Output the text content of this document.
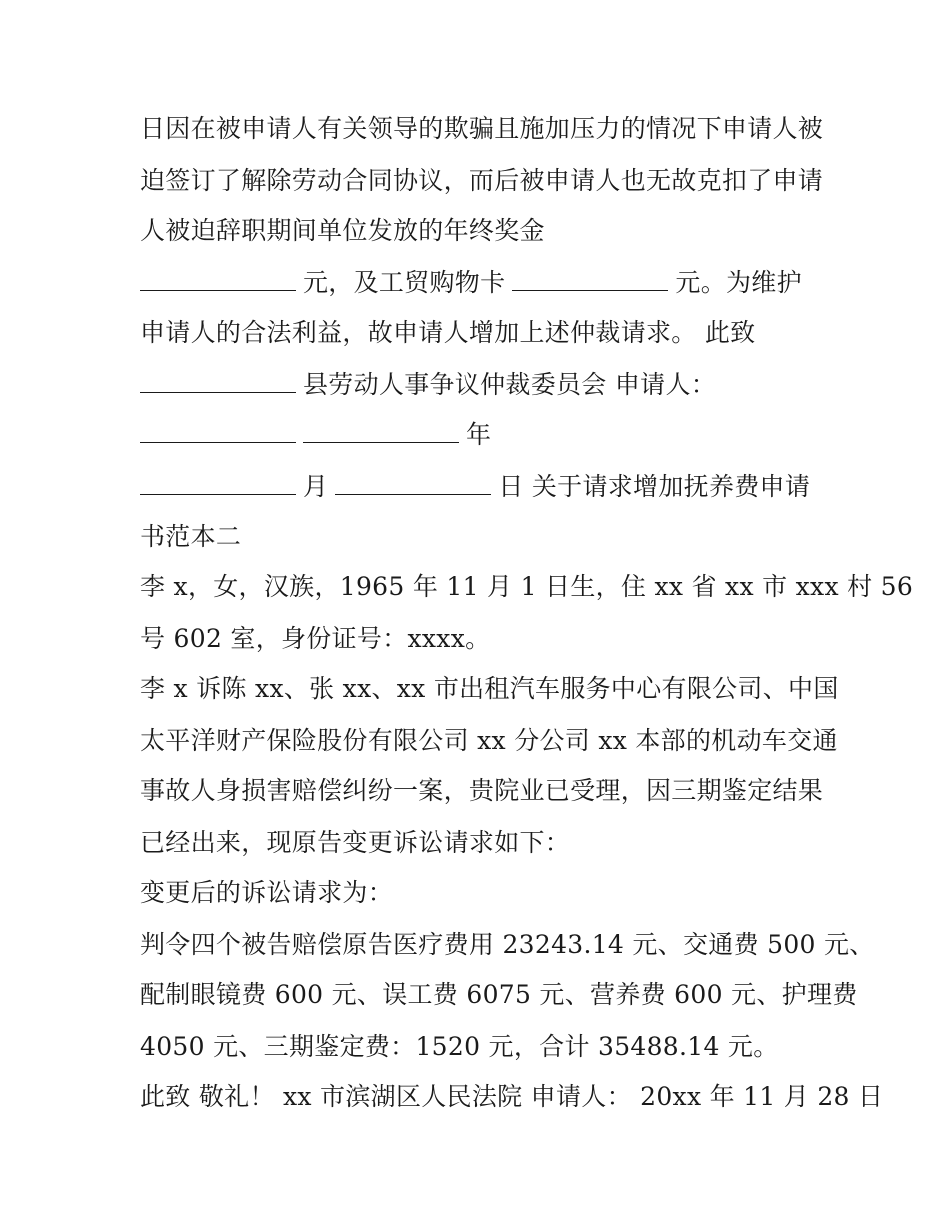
日因在被申请人有关领导的欺骗且施加压力的情况下申请人被
迫签订了解除劳动合同协议，而后被申请人也无故克扣了申请
人被迫辞职期间单位发放的年终奖金
元，及工贸购物卡	元。为维护
申请人的合法利益，故申请人增加上述仲裁请求。 此致
县劳动人事争议仲裁委员会 申请人：
年
月	日 关于请求增加抚养费申请
书范本二
李 x，女，汉族，1965 年 11 月 1 日生，住 xx 省 xx 市 xxx 村 56
号 602 室，身份证号：xxxx。
李 x 诉陈 xx、张 xx、xx 市出租汽车服务中心有限公司、中国
太平洋财产保险股份有限公司 xx 分公司 xx 本部的机动车交通
事故人身损害赔偿纠纷一案，贵院业已受理，因三期鉴定结果
已经出来，现原告变更诉讼请求如下：
变更后的诉讼请求为：
判令四个被告赔偿原告医疗费用 23243.14 元、交通费 500 元、
配制眼镜费 600 元、误工费 6075 元、营养费 600 元、护理费
4050 元、三期鉴定费：1520 元，合计 35488.14 元。
此致 敬礼！ xx 市滨湖区人民法院 申请人： 20xx 年 11 月 28 日
